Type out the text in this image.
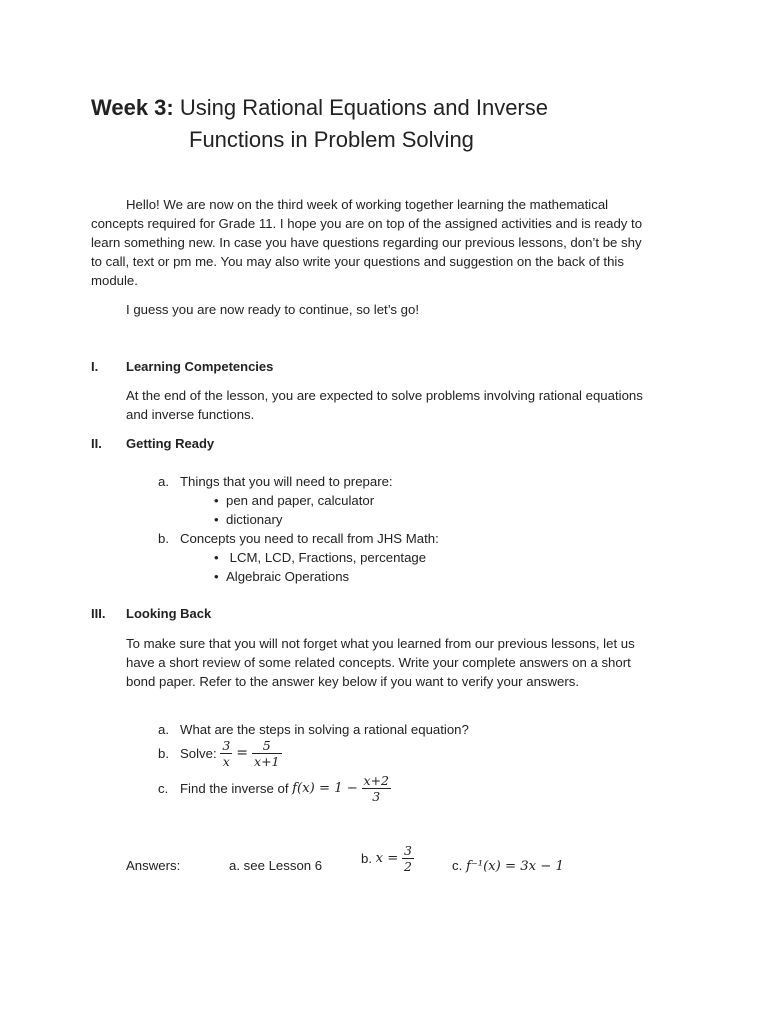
Week 3: Using Rational Equations and Inverse
Functions in Problem Solving
Hello! We are now on the third week of working together learning the mathematical concepts required for Grade 11. I hope you are on top of the assigned activities and is ready to learn something new. In case you have questions regarding our previous lessons, don’t be shy to call, text or pm me. You may also write your questions and suggestion on the back of this module.
I guess you are now ready to continue, so let’s go!
I. Learning Competencies
At the end of the lesson, you are expected to solve problems involving rational equations and inverse functions.
II. Getting Ready
a. Things that you will need to prepare:
• pen and paper, calculator
• dictionary
b. Concepts you need to recall from JHS Math:
• LCM, LCD, Fractions, percentage
• Algebraic Operations
III. Looking Back
To make sure that you will not forget what you learned from our previous lessons, let us have a short review of some related concepts. Write your complete answers on a short bond paper. Refer to the answer key below if you want to verify your answers.
a. What are the steps in solving a rational equation?
b. Solve: $\frac{3}{x} = \frac{5}{x+1}$
c. Find the inverse of $f(x) = 1 - \frac{x+2}{3}$
Answers:	a. see Lesson 6	b. $x = \frac{3}{2}$	c. f⁻¹(x) = 3x − 1
